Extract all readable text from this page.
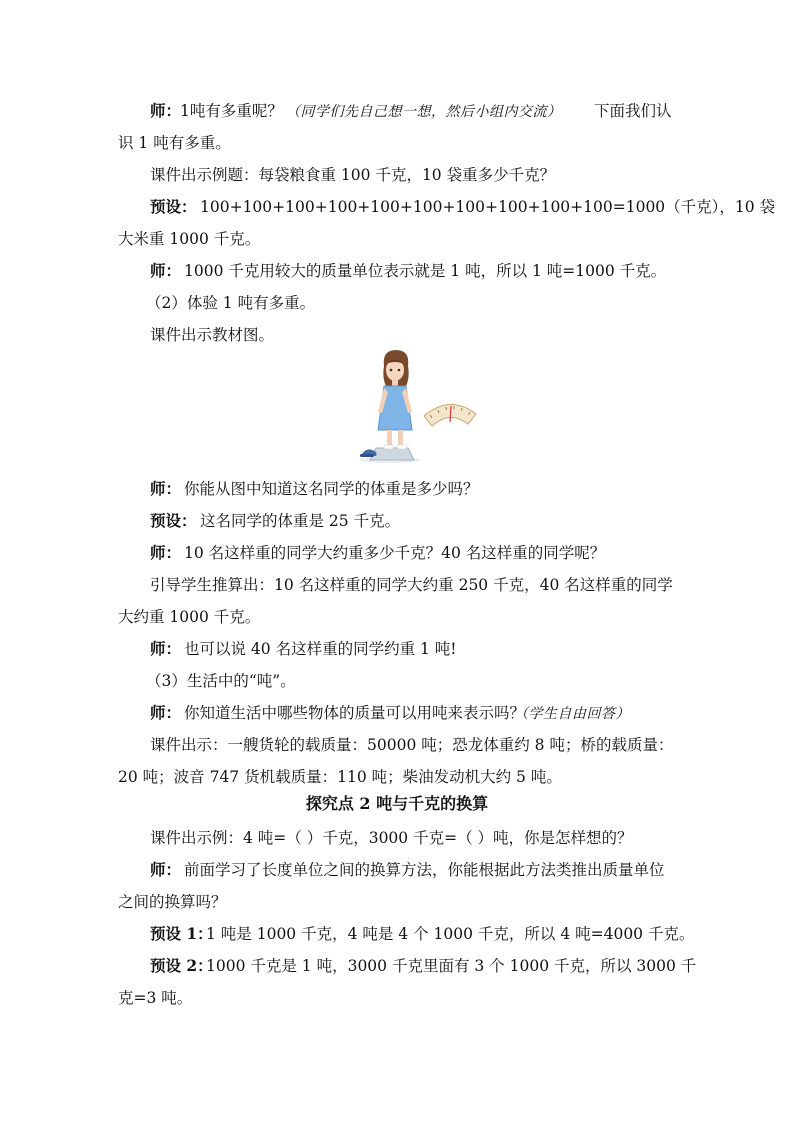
师：
1吨有多重呢？ （同学们先自己想一想，然后小组内交流） 下面我们认
识 1 吨有多重。
课件出示例题：每袋粮食重 100 千克，10 袋重多少千克？
预设： 100+100+100+100+100+100+100+100+100+100=1000（千克），10 袋
大米重 1000 千克。
师： 1000 千克用较大的质量单位表示就是 1 吨，所以 1 吨=1000 千克。
（2）体验 1 吨有多重。
课件出示教材图。
师： 你能从图中知道这名同学的体重是多少吗？
预设： 这名同学的体重是 25 千克。
师： 10 名这样重的同学大约重多少千克？40 名这样重的同学呢？
引导学生推算出：10 名这样重的同学大约重 250 千克，40 名这样重的同学
大约重 1000 千克。
师： 也可以说 40 名这样重的同学约重 1 吨!
（3）生活中的“吨”。
师： 你知道生活中哪些物体的质量可以用吨来表示吗？
（学生自由回答）
课件出示：一艘货轮的载质量：50000 吨；恐龙体重约 8 吨；桥的载质量：
20 吨；波音 747 货机载质量：110 吨；柴油发动机大约 5 吨。
探究点 2 吨与千克的换算
课件出示例：4 吨=（ ）千克，3000 千克=（ ）吨，你是怎样想的？
师： 前面学习了长度单位之间的换算方法，你能根据此方法类推出质量单位
之间的换算吗？
预设 1：
1 吨是 1000 千克，4 吨是 4 个 1000 千克，所以 4 吨=4000 千克。
预设 2：
1000 千克是 1 吨，3000 千克里面有 3 个 1000 千克，所以 3000 千
克=3 吨。
